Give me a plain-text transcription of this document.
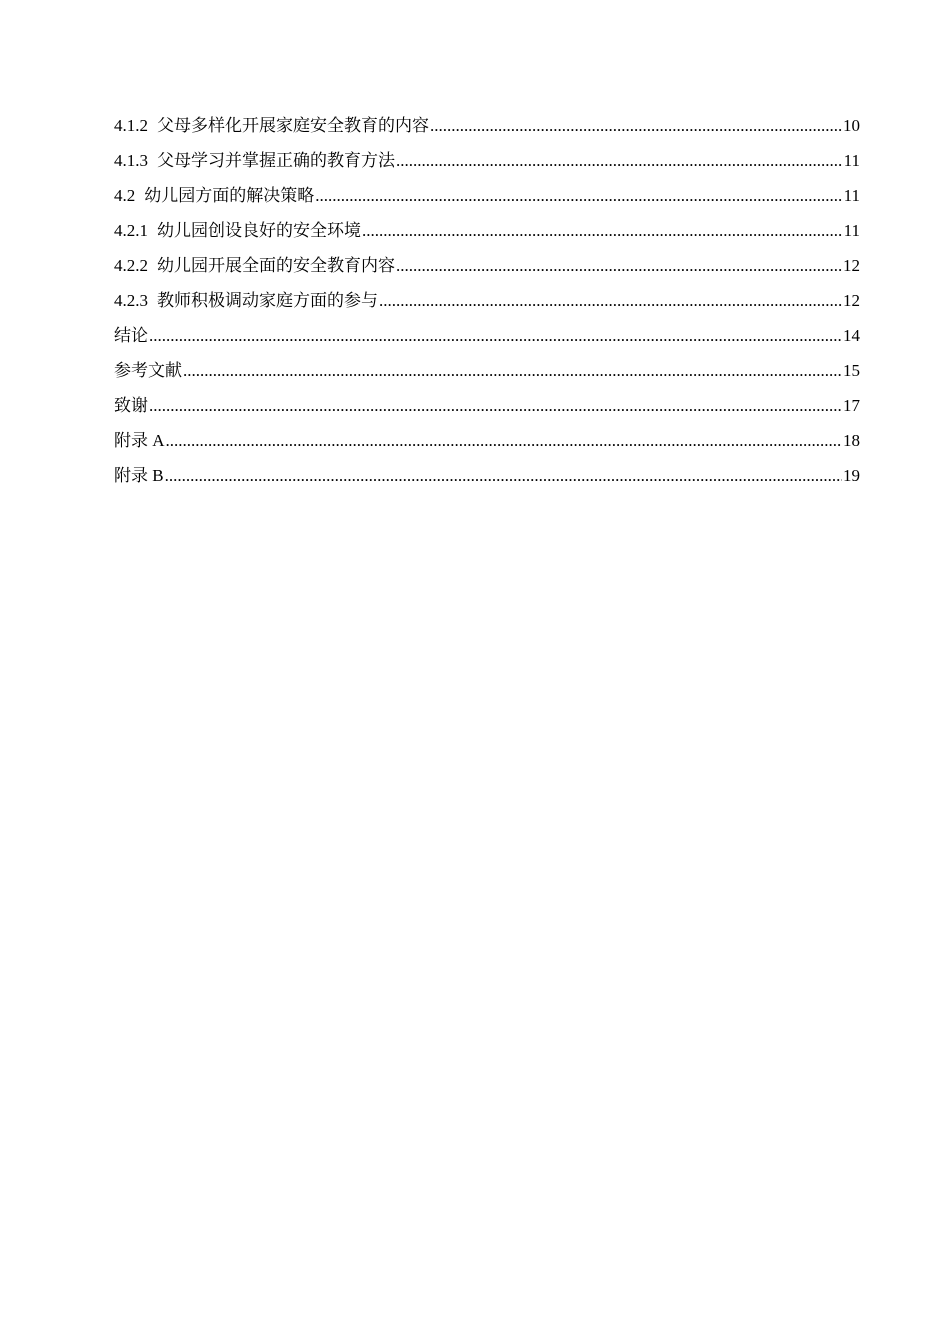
4.1.2 父母多样化开展家庭安全教育的内容 .....	10
4.1.3 父母学习并掌握正确的教育方法 .....	11
4.2 幼儿园方面的解决策略 .....	11
4.2.1 幼儿园创设良好的安全环境 .....	11
4.2.2 幼儿园开展全面的安全教育内容 .....	12
4.2.3 教师积极调动家庭方面的参与 .....	12
结论 .....	14
参考文献 .....	15
致谢 .....	17
附录 A .....	18
附录 B .....	19
